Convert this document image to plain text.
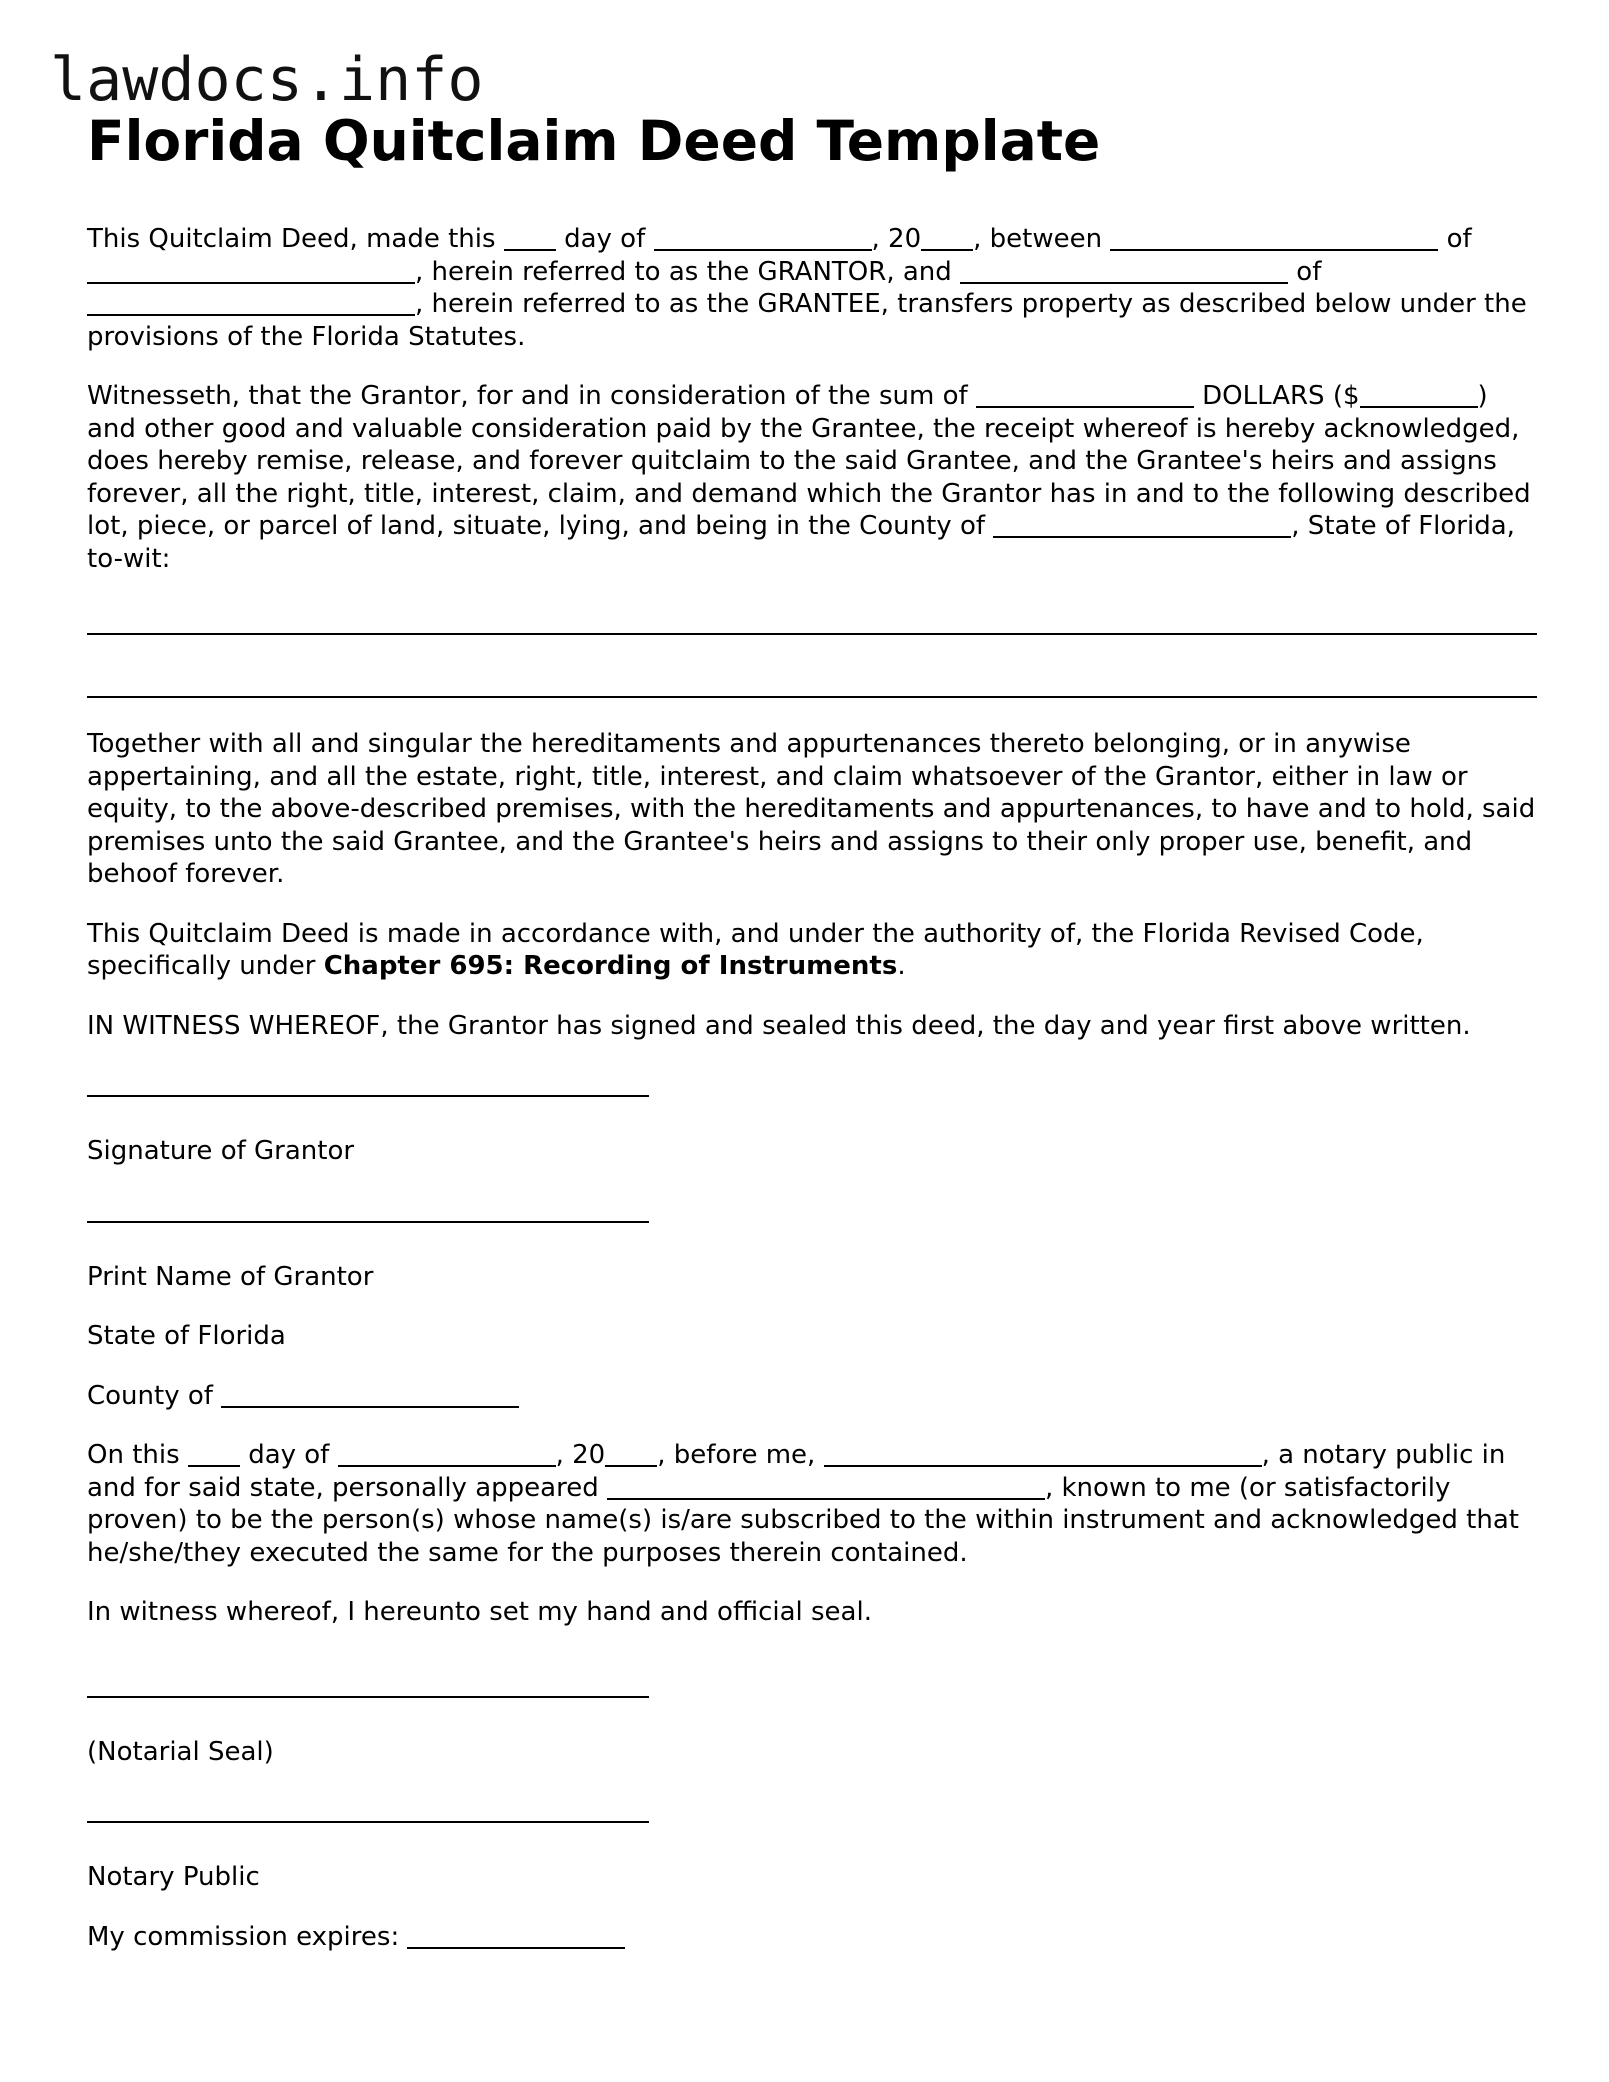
lawdocs.info
Florida Quitclaim Deed Template

This Quitclaim Deed, made this	day of	, 20 , between	of , herein referred to as the GRANTOR, and	of , herein referred to as the GRANTEE, transfers property as described below under the provisions of the Florida Statutes.

Witnesseth, that the Grantor, for and in consideration of the sum of	DOLLARS ($	) and other good and valuable consideration paid by the Grantee, the receipt whereof is hereby acknowledged, does hereby remise, release, and forever quitclaim to the said Grantee, and the Grantee's heirs and assigns forever, all the right, title, interest, claim, and demand which the Grantor has in and to the following described lot, piece, or parcel of land, situate, lying, and being in the County of	, State of Florida, to-wit:

Together with all and singular the hereditaments and appurtenances thereto belonging, or in anywise appertaining, and all the estate, right, title, interest, and claim whatsoever of the Grantor, either in law or equity, to the above-described premises, with the hereditaments and appurtenances, to have and to hold, said premises unto the said Grantee, and the Grantee's heirs and assigns to their only proper use, benefit, and behoof forever.

This Quitclaim Deed is made in accordance with, and under the authority of, the Florida Revised Code, specifically under Chapter 695: Recording of Instruments.

IN WITNESS WHEREOF, the Grantor has signed and sealed this deed, the day and year first above written.

Signature of Grantor

Print Name of Grantor

State of Florida

County of

On this	day of	, 20 , before me,	, a notary public in and for said state, personally appeared	, known to me (or satisfactorily proven) to be the person(s) whose name(s) is/are subscribed to the within instrument and acknowledged that he/she/they executed the same for the purposes therein contained.

In witness whereof, I hereunto set my hand and official seal.

(Notarial Seal)

Notary Public

My commission expires:
